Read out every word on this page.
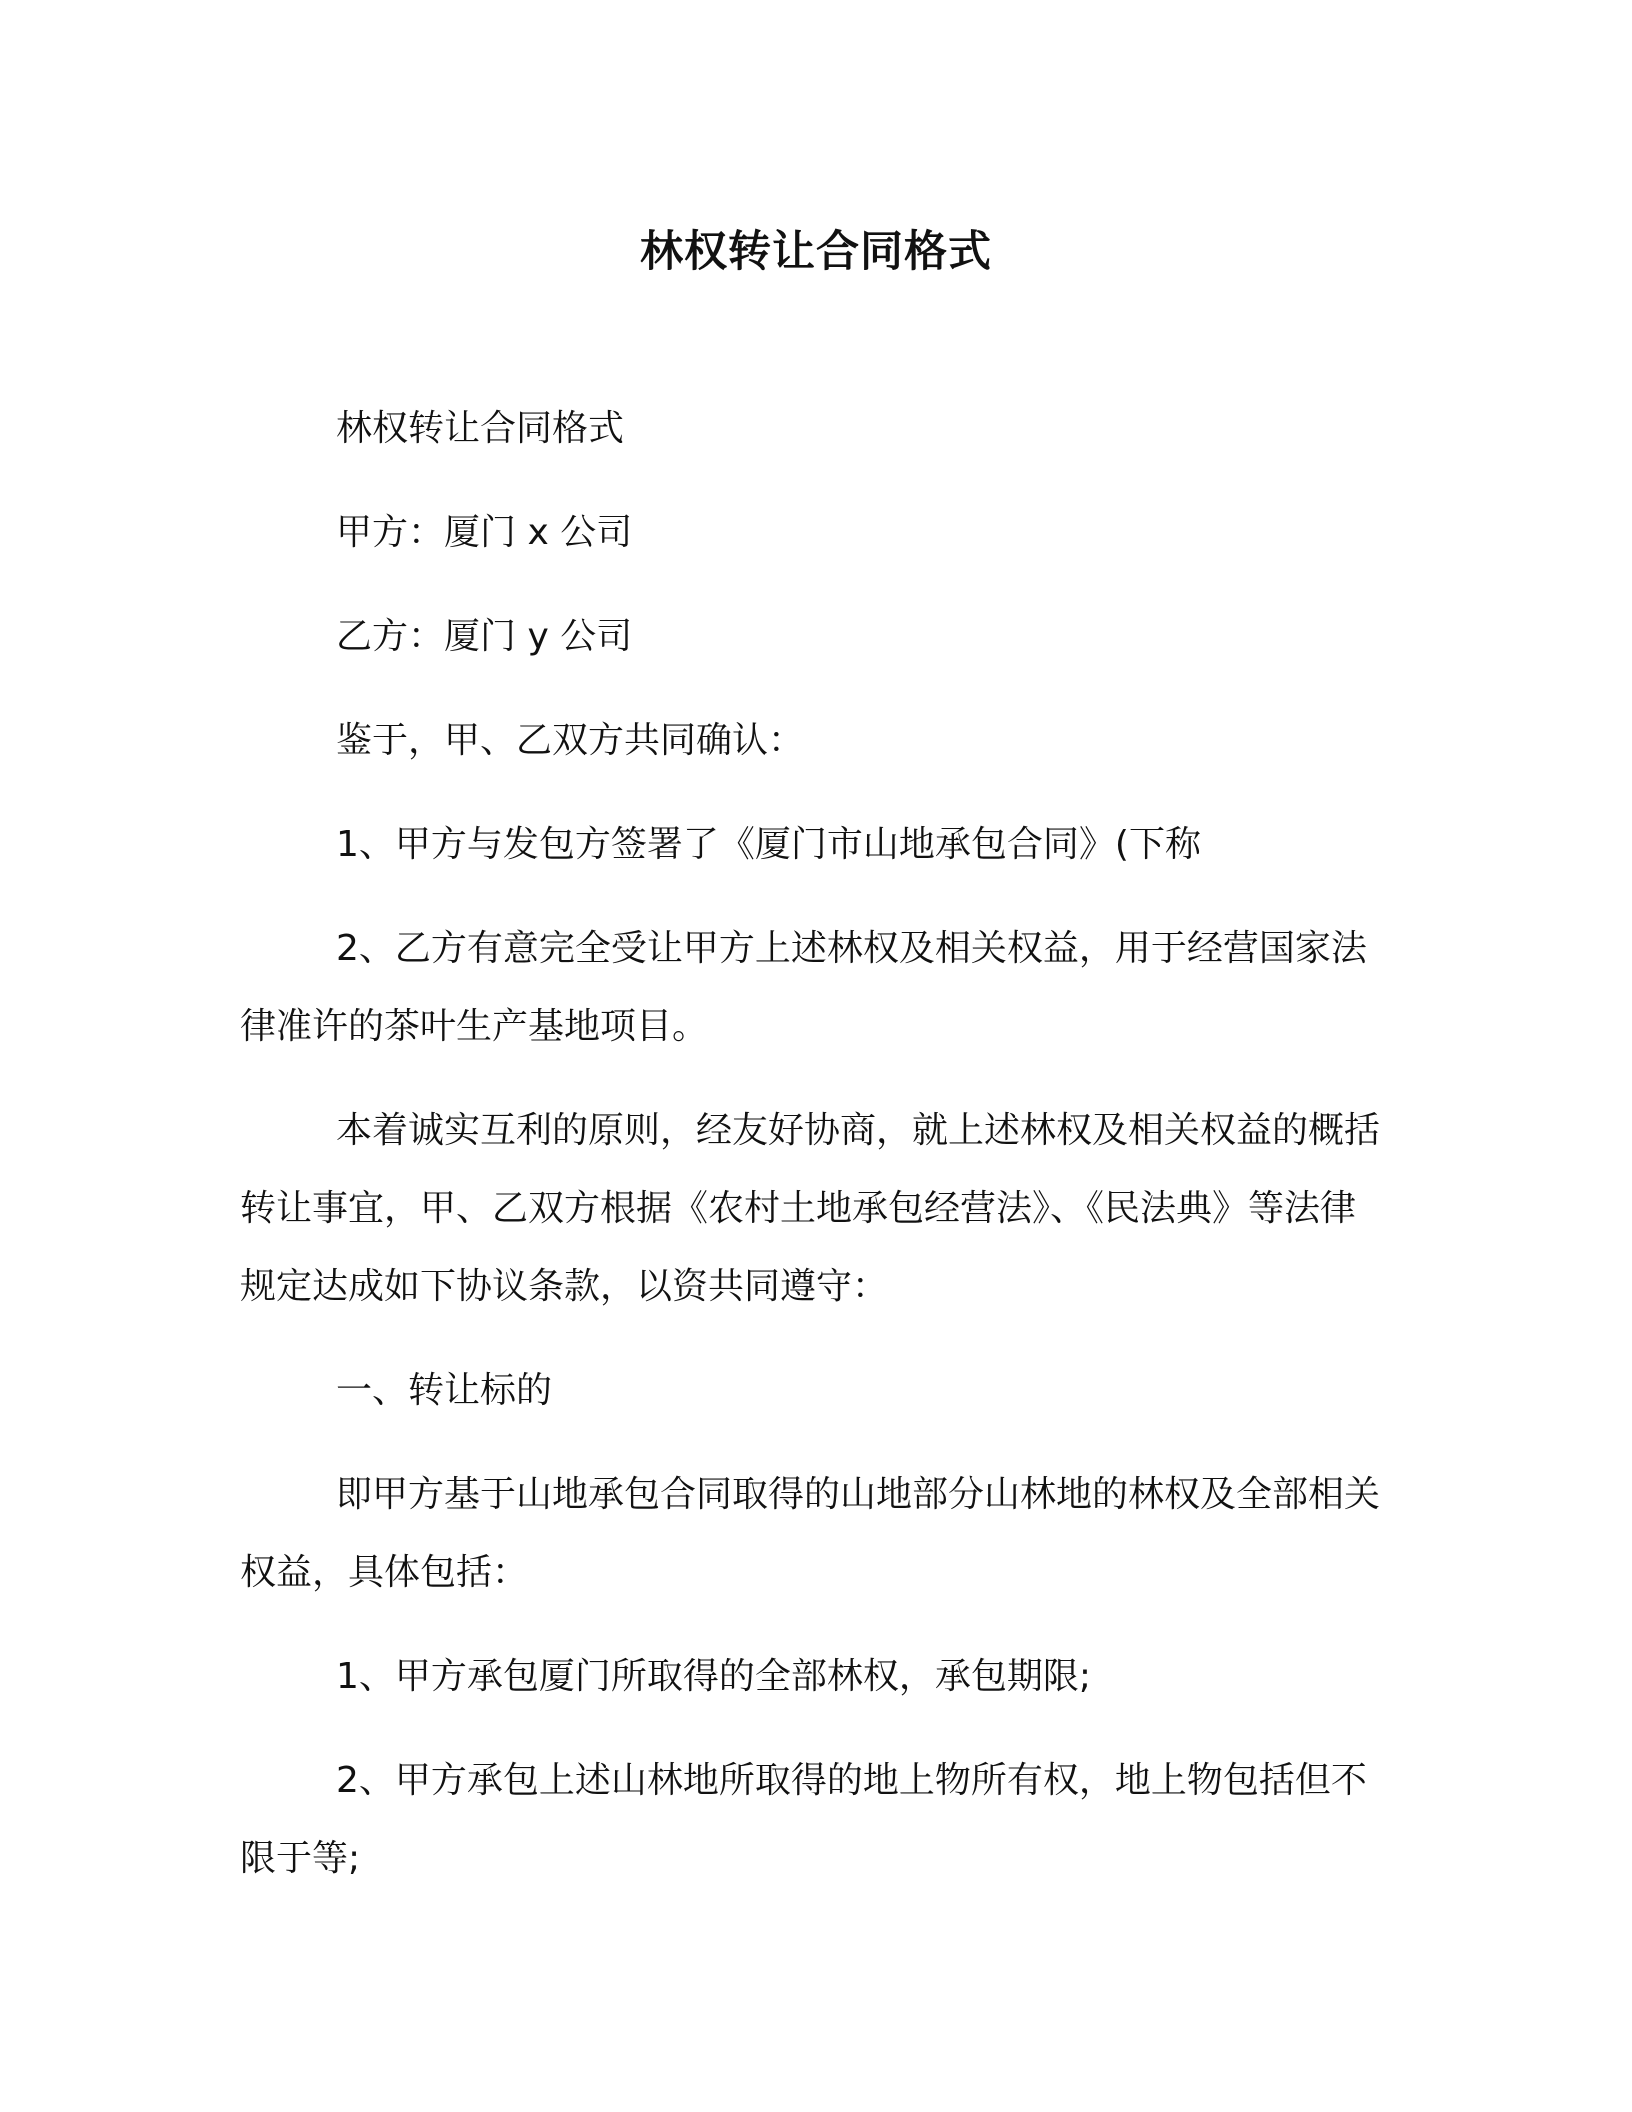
林权转让合同格式

林权转让合同格式

甲方：厦门 x 公司

乙方：厦门 y 公司

鉴于，甲、乙双方共同确认：

1、甲方与发包方签署了《厦门市山地承包合同》(下称

2、乙方有意完全受让甲方上述林权及相关权益，用于经营国家法律准许的茶叶生产基地项目。

本着诚实互利的原则，经友好协商，就上述林权及相关权益的概括转让事宜，甲、乙双方根据《农村土地承包经营法》、《民法典》等法律规定达成如下协议条款，以资共同遵守：

一、转让标的

即甲方基于山地承包合同取得的山地部分山林地的林权及全部相关权益，具体包括：

1、甲方承包厦门所取得的全部林权，承包期限;

2、甲方承包上述山林地所取得的地上物所有权，地上物包括但不限于等;
